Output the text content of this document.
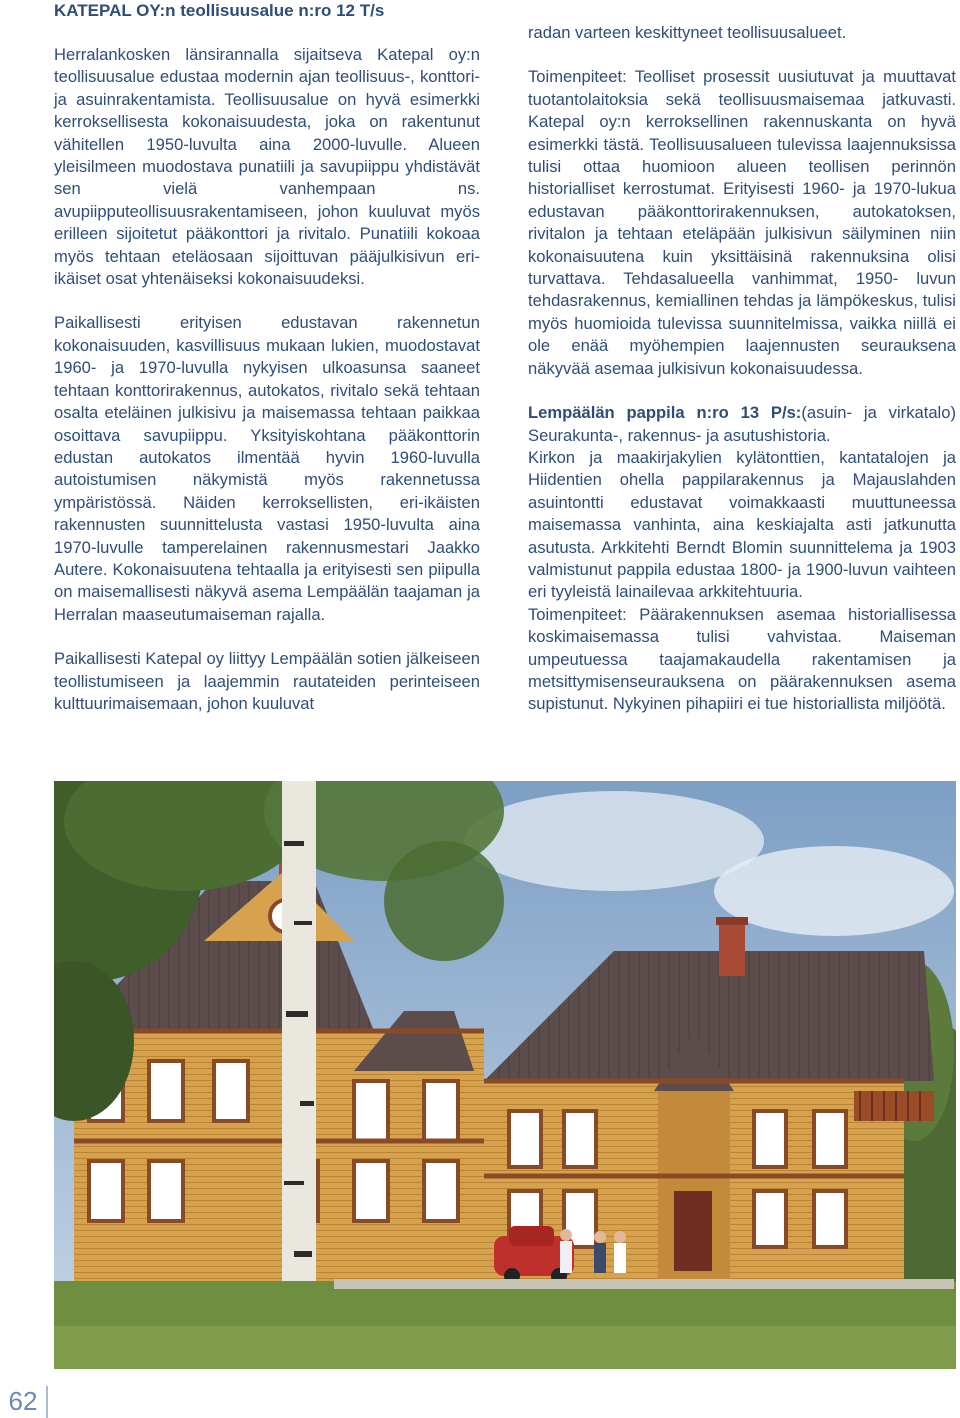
KATEPAL OY:n teollisuusalue n:ro 12 T/s

Herralankosken länsirannalla sijaitseva Katepal oy:n teollisuusalue edustaa modernin ajan teollisuus-, konttori- ja asuinrakentamista. Teollisuusalue on hyvä esimerkki kerroksellisesta kokonaisuudesta, joka on rakentunut vähitellen 1950-luvulta aina 2000-luvulle. Alueen yleisilmeen muodostava punatiili ja savupiippu yhdistävät sen vielä vanhempaan ns. avupiipputeollisuusrakentamiseen, johon kuuluvat myös erilleen sijoitetut pääkonttori ja rivitalo. Punatiili kokoaa myös tehtaan eteläosaan sijoittuvan pääjulkisivun eri-ikäiset osat yhtenäiseksi kokonaisuudeksi.

Paikallisesti erityisen edustavan rakennetun kokonaisuuden, kasvillisuus mukaan lukien, muodostavat 1960- ja 1970-luvulla nykyisen ulkoasunsa saaneet tehtaan konttorirakennus, autokatos, rivitalo sekä tehtaan osalta eteläinen julkisivu ja maisemassa tehtaan paikkaa osoittava savupiippu. Yksityiskohtana pääkonttorin edustan autokatos ilmentää hyvin 1960-luvulla autoistumisen näkymistä myös rakennetussa ympäristössä. Näiden kerroksellisten, eri-ikäisten rakennusten suunnittelusta vastasi 1950-luvulta aina 1970-luvulle tamperelainen rakennusmestari Jaakko Autere. Kokonaisuutena tehtaalla ja erityisesti sen piipulla on maisemallisesti näkyvä asema Lempäälän taajaman ja Herralan maaseutumaiseman rajalla.

Paikallisesti Katepal oy liittyy Lempäälän sotien jälkeiseen teollistumiseen ja laajemmin rautateiden perinteiseen kulttuurimaisemaan, johon kuuluvat

radan varteen keskittyneet teollisuusalueet.

Toimenpiteet: Teolliset prosessit uusiutuvat ja muuttavat tuotantolaitoksia sekä teollisuusmaisemaa jatkuvasti. Katepal oy:n kerroksellinen rakennuskanta on hyvä esimerkki tästä. Teollisuusalueen tulevissa laajennuksissa tulisi ottaa huomioon alueen teollisen perinnön historialliset kerrostumat. Erityisesti 1960- ja 1970-lukua edustavan pääkonttorirakennuksen, autokatoksen, rivitalon ja tehtaan eteläpään julkisivun säilyminen niin kokonaisuutena kuin yksittäisinä rakennuksina olisi turvattava. Tehdasalueella vanhimmat, 1950- luvun tehdasrakennus, kemiallinen tehdas ja lämpökeskus, tulisi myös huomioida tulevissa suunnitelmissa, vaikka niillä ei ole enää myöhempien laajennusten seurauksena näkyvää asemaa julkisivun kokonaisuudessa.

Lempäälän pappila n:ro 13 P/s:(asuin- ja virkatalo) Seurakunta-, rakennus- ja asutushistoria.

Kirkon ja maakirjakylien kylätonttien, kantatalojen ja Hiidentien ohella pappilarakennus ja Majauslahden asuintontti edustavat voimakkaasti muuttuneessa maisemassa vanhinta, aina keskiajalta asti jatkunutta asutusta. Arkkitehti Berndt Blomin suunnittelema ja 1903 valmistunut pappila edustaa 1800- ja 1900-luvun vaihteen eri tyyleistä lainailevaa arkkitehtuuria.

Toimenpiteet: Päärakennuksen asemaa historiallisessa koskimaisemassa tulisi vahvistaa. Maiseman umpeutuessa taajamakaudella rakentamisen ja metsittymisenseurauksena on päärakennuksen asema supistunut. Nykyinen pihapiiri ei tue historiallista miljöötä.

62
